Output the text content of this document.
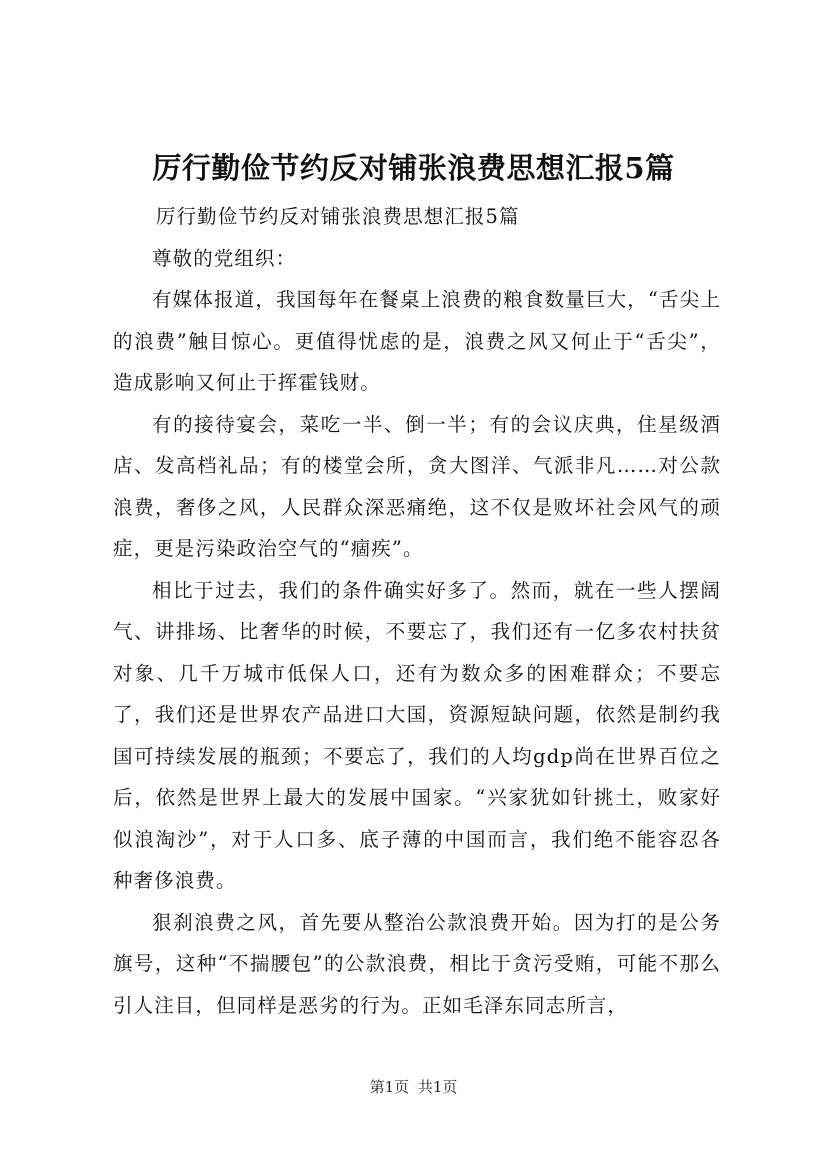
厉行勤俭节约反对铺张浪费思想汇报5篇

厉行勤俭节约反对铺张浪费思想汇报5篇

尊敬的党组织：

有媒体报道，我国每年在餐桌上浪费的粮食数量巨大，“舌尖上的浪费”触目惊心。更值得忧虑的是，浪费之风又何止于“舌尖”，造成影响又何止于挥霍钱财。

有的接待宴会，菜吃一半、倒一半；有的会议庆典，住星级酒店、发高档礼品；有的楼堂会所，贪大图洋、气派非凡……对公款浪费，奢侈之风，人民群众深恶痛绝，这不仅是败坏社会风气的顽症，更是污染政治空气的“痼疾”。

相比于过去，我们的条件确实好多了。然而，就在一些人摆阔气、讲排场、比奢华的时候，不要忘了，我们还有一亿多农村扶贫对象、几千万城市低保人口，还有为数众多的困难群众；不要忘了，我们还是世界农产品进口大国，资源短缺问题，依然是制约我国可持续发展的瓶颈；不要忘了，我们的人均gdp尚在世界百位之后，依然是世界上最大的发展中国家。“兴家犹如针挑土，败家好似浪淘沙”，对于人口多、底子薄的中国而言，我们绝不能容忍各种奢侈浪费。

狠刹浪费之风，首先要从整治公款浪费开始。因为打的是公务旗号，这种“不揣腰包”的公款浪费，相比于贪污受贿，可能不那么引人注目，但同样是恶劣的行为。正如毛泽东同志所言，

第1页 共1页
